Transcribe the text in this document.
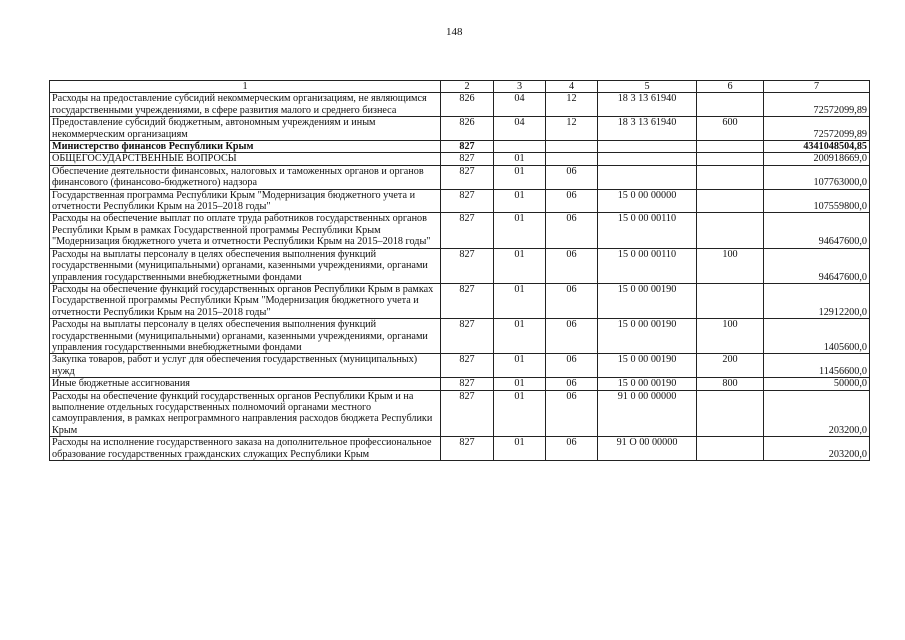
148
1	2	3	4	5	6	7
Расходы на предоставление субсидий некоммерческим организациям, не являющимся государственными учреждениями, в сфере развития малого и среднего бизнеса	826	04	12	18 3 13 61940		72572099,89
Предоставление субсидий бюджетным, автономным учреждениям и иным некоммерческим организациям	826	04	12	18 3 13 61940	600	72572099,89
Министерство финансов Республики Крым	827					4341048504,85
ОБЩЕГОСУДАРСТВЕННЫЕ ВОПРОСЫ	827	01				200918669,0
Обеспечение деятельности финансовых, налоговых и таможенных органов и органов финансового (финансово-бюджетного) надзора	827	01	06			107763000,0
Государственная программа Республики Крым "Модернизация бюджетного учета и отчетности Республики Крым на 2015–2018 годы"	827	01	06	15 0 00 00000		107559800,0
Расходы на обеспечение выплат по оплате труда работников государственных органов Республики Крым в рамках Государственной программы Республики Крым "Модернизация бюджетного учета и отчетности Республики Крым на 2015–2018 годы"	827	01	06	15 0 00 00110		94647600,0
Расходы на выплаты персоналу в целях обеспечения выполнения функций государственными (муниципальными) органами, казенными учреждениями, органами управления государственными внебюджетными фондами	827	01	06	15 0 00 00110	100	94647600,0
Расходы на обеспечение функций государственных органов Республики Крым в рамках Государственной программы Республики Крым "Модернизация бюджетного учета и отчетности Республики Крым на 2015–2018 годы"	827	01	06	15 0 00 00190		12912200,0
Расходы на выплаты персоналу в целях обеспечения выполнения функций государственными (муниципальными) органами, казенными учреждениями, органами управления государственными внебюджетными фондами	827	01	06	15 0 00 00190	100	1405600,0
Закупка товаров, работ и услуг для обеспечения государственных (муниципальных) нужд	827	01	06	15 0 00 00190	200	11456600,0
Иные бюджетные ассигнования	827	01	06	15 0 00 00190	800	50000,0
Расходы на обеспечение функций государственных органов Республики Крым и на выполнение отдельных государственных полномочий органами местного самоуправления, в рамках непрограммного направления расходов бюджета Республики Крым	827	01	06	91 0 00 00000		203200,0
Расходы на исполнение государственного заказа на дополнительное профессиональное образование государственных гражданских служащих Республики Крым	827	01	06	91 О 00 00000		203200,0
